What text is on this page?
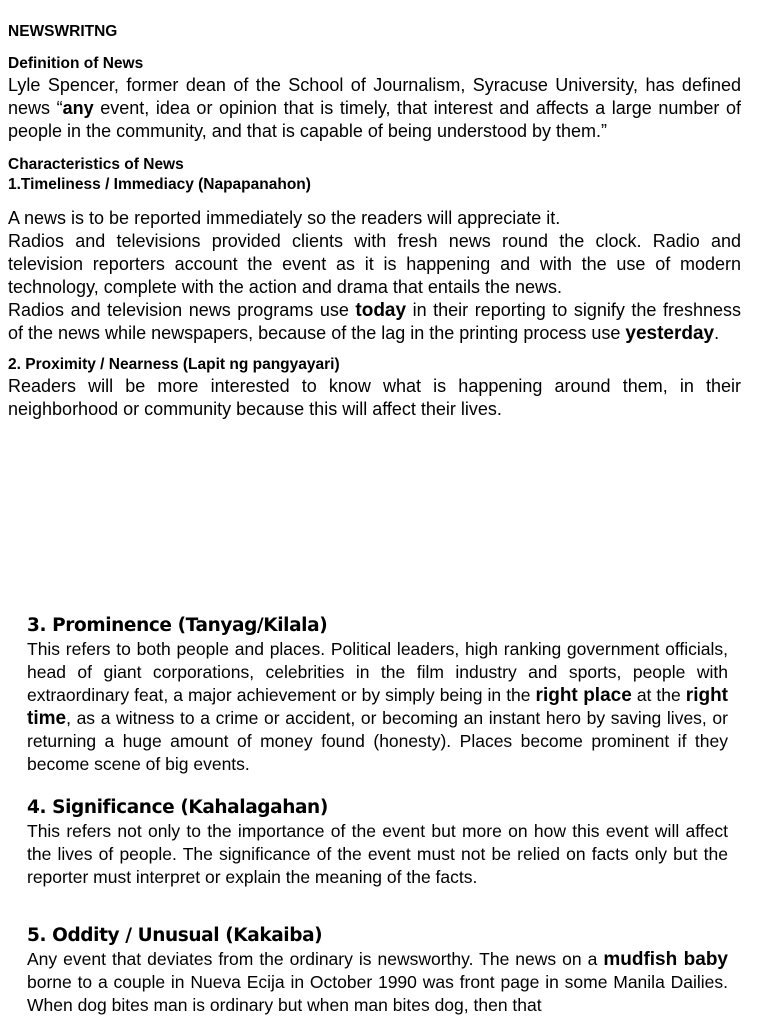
NEWSWRITNG

Definition of News

Lyle Spencer, former dean of the School of Journalism, Syracuse University, has defined news “any event, idea or opinion that is timely, that interest and affects a large number of people in the community, and that is capable of being understood by them.”

Characteristics of News

1.Timeliness / Immediacy (Napapanahon)

A news is to be reported immediately so the readers will appreciate it.

Radios and televisions provided clients with fresh news round the clock. Radio and television reporters account the event as it is happening and with the use of modern technology, complete with the action and drama that entails the news.

Radios and television news programs use today in their reporting to signify the freshness of the news while newspapers, because of the lag in the printing process use yesterday.

2. Proximity / Nearness (Lapit ng pangyayari)

Readers will be more interested to know what is happening around them, in their neighborhood or community because this will affect their lives.

3. Prominence (Tanyag/Kilala)

This refers to both people and places. Political leaders, high ranking government officials, head of giant corporations, celebrities in the film industry and sports, people with extraordinary feat, a major achievement or by simply being in the right place at the right time, as a witness to a crime or accident, or becoming an instant hero by saving lives, or returning a huge amount of money found (honesty). Places become prominent if they become scene of big events.

4. Significance (Kahalagahan)

This refers not only to the importance of the event but more on how this event will affect the lives of people. The significance of the event must not be relied on facts only but the reporter must interpret or explain the meaning of the facts.

5. Oddity / Unusual (Kakaiba)

Any event that deviates from the ordinary is newsworthy. The news on a mudfish baby borne to a couple in Nueva Ecija in October 1990 was front page in some Manila Dailies. When dog bites man is ordinary but when man bites dog, then that
